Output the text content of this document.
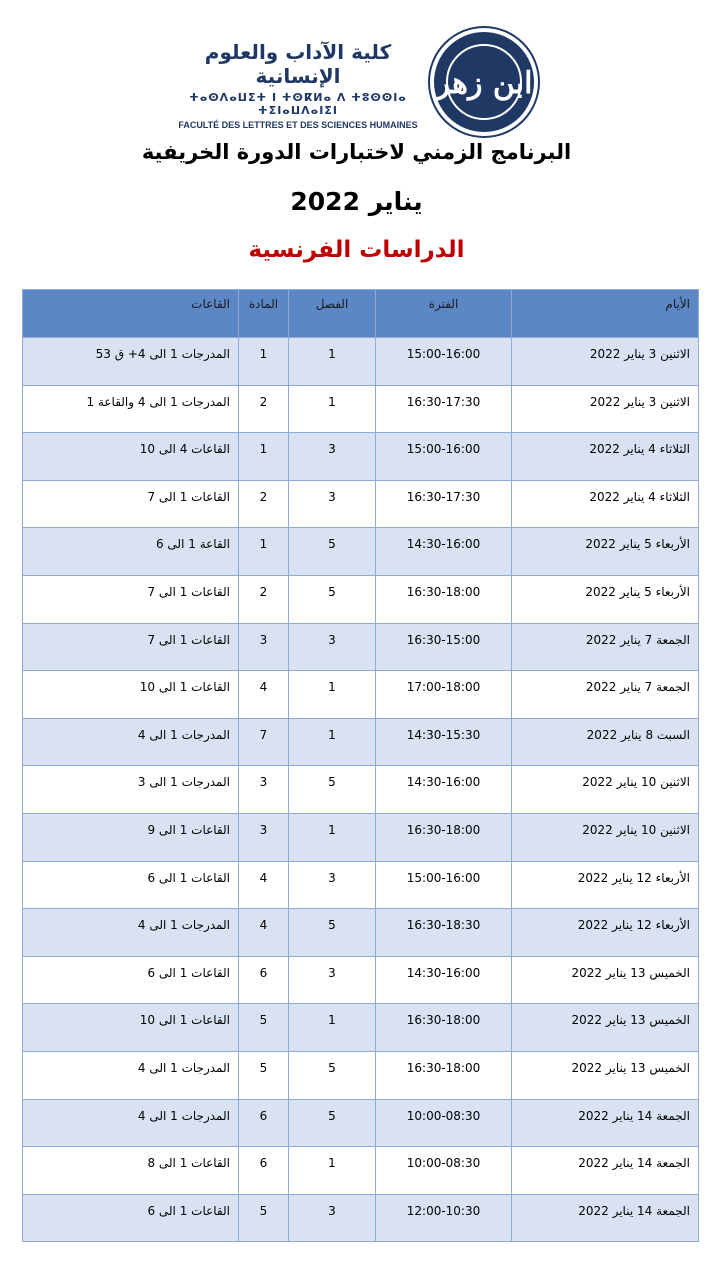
كلية الآداب والعلوم الإنسانية
ⵜⴰⵙⴷⴰⵡⵉⵜ ⵏ ⵜⵙⴽⵍⴰ ⴷ ⵜⵓⵙⵙⵏⴰ ⵜⵉⵏⴰⵡⴷⴰⵏⵉⵏ
FACULTÉ DES LETTRES ET DES SCIENCES HUMAINES
ابن زهر
البرنامج الزمني لاختبارات الدورة الخريفية
يناير 2022
الدراسات الفرنسية
الأيام	الفترة	الفصل	المادة	القاعات
الاثنين 3 يناير 2022	15:00-16:00	1	1	المدرجات 1 الى 4+ ق 53
الاثنين 3 يناير 2022	16:30-17:30	1	2	المدرجات 1 الى 4 والقاعة 1
الثلاثاء 4 يناير 2022	15:00-16:00	3	1	القاعات 4 الى 10
الثلاثاء 4 يناير 2022	16:30-17:30	3	2	القاعات 1 الى 7
الأربعاء 5 يناير 2022	14:30-16:00	5	1	القاعة 1 الى 6
الأربعاء 5 يناير 2022	16:30-18:00	5	2	القاعات 1 الى 7
الجمعة 7 يناير 2022	16:30-15:00	3	3	القاعات 1 الى 7
الجمعة 7 يناير 2022	17:00-18:00	1	4	القاعات 1 الى 10
السبت 8 يناير 2022	14:30-15:30	1	7	المدرجات 1 الى 4
الاثنين 10 يناير 2022	14:30-16:00	5	3	المدرجات 1 الى 3
الاثنين 10 يناير 2022	16:30-18:00	1	3	القاعات 1 الى 9
الأربعاء 12 يناير 2022	15:00-16:00	3	4	القاعات 1 الى 6
الأربعاء 12 يناير 2022	16:30-18:30	5	4	المدرجات 1 الى 4
الخميس 13 يناير 2022	14:30-16:00	3	6	القاعات 1 الى 6
الخميس 13 يناير 2022	16:30-18:00	1	5	القاعات 1 الى 10
الخميس 13 يناير 2022	16:30-18:00	5	5	المدرجات 1 الى 4
الجمعة 14 يناير 2022	10:00-08:30	5	6	المدرجات 1 الى 4
الجمعة 14 يناير 2022	10:00-08:30	1	6	القاعات 1 الى 8
الجمعة 14 يناير 2022	12:00-10:30	3	5	القاعات 1 الى 6
